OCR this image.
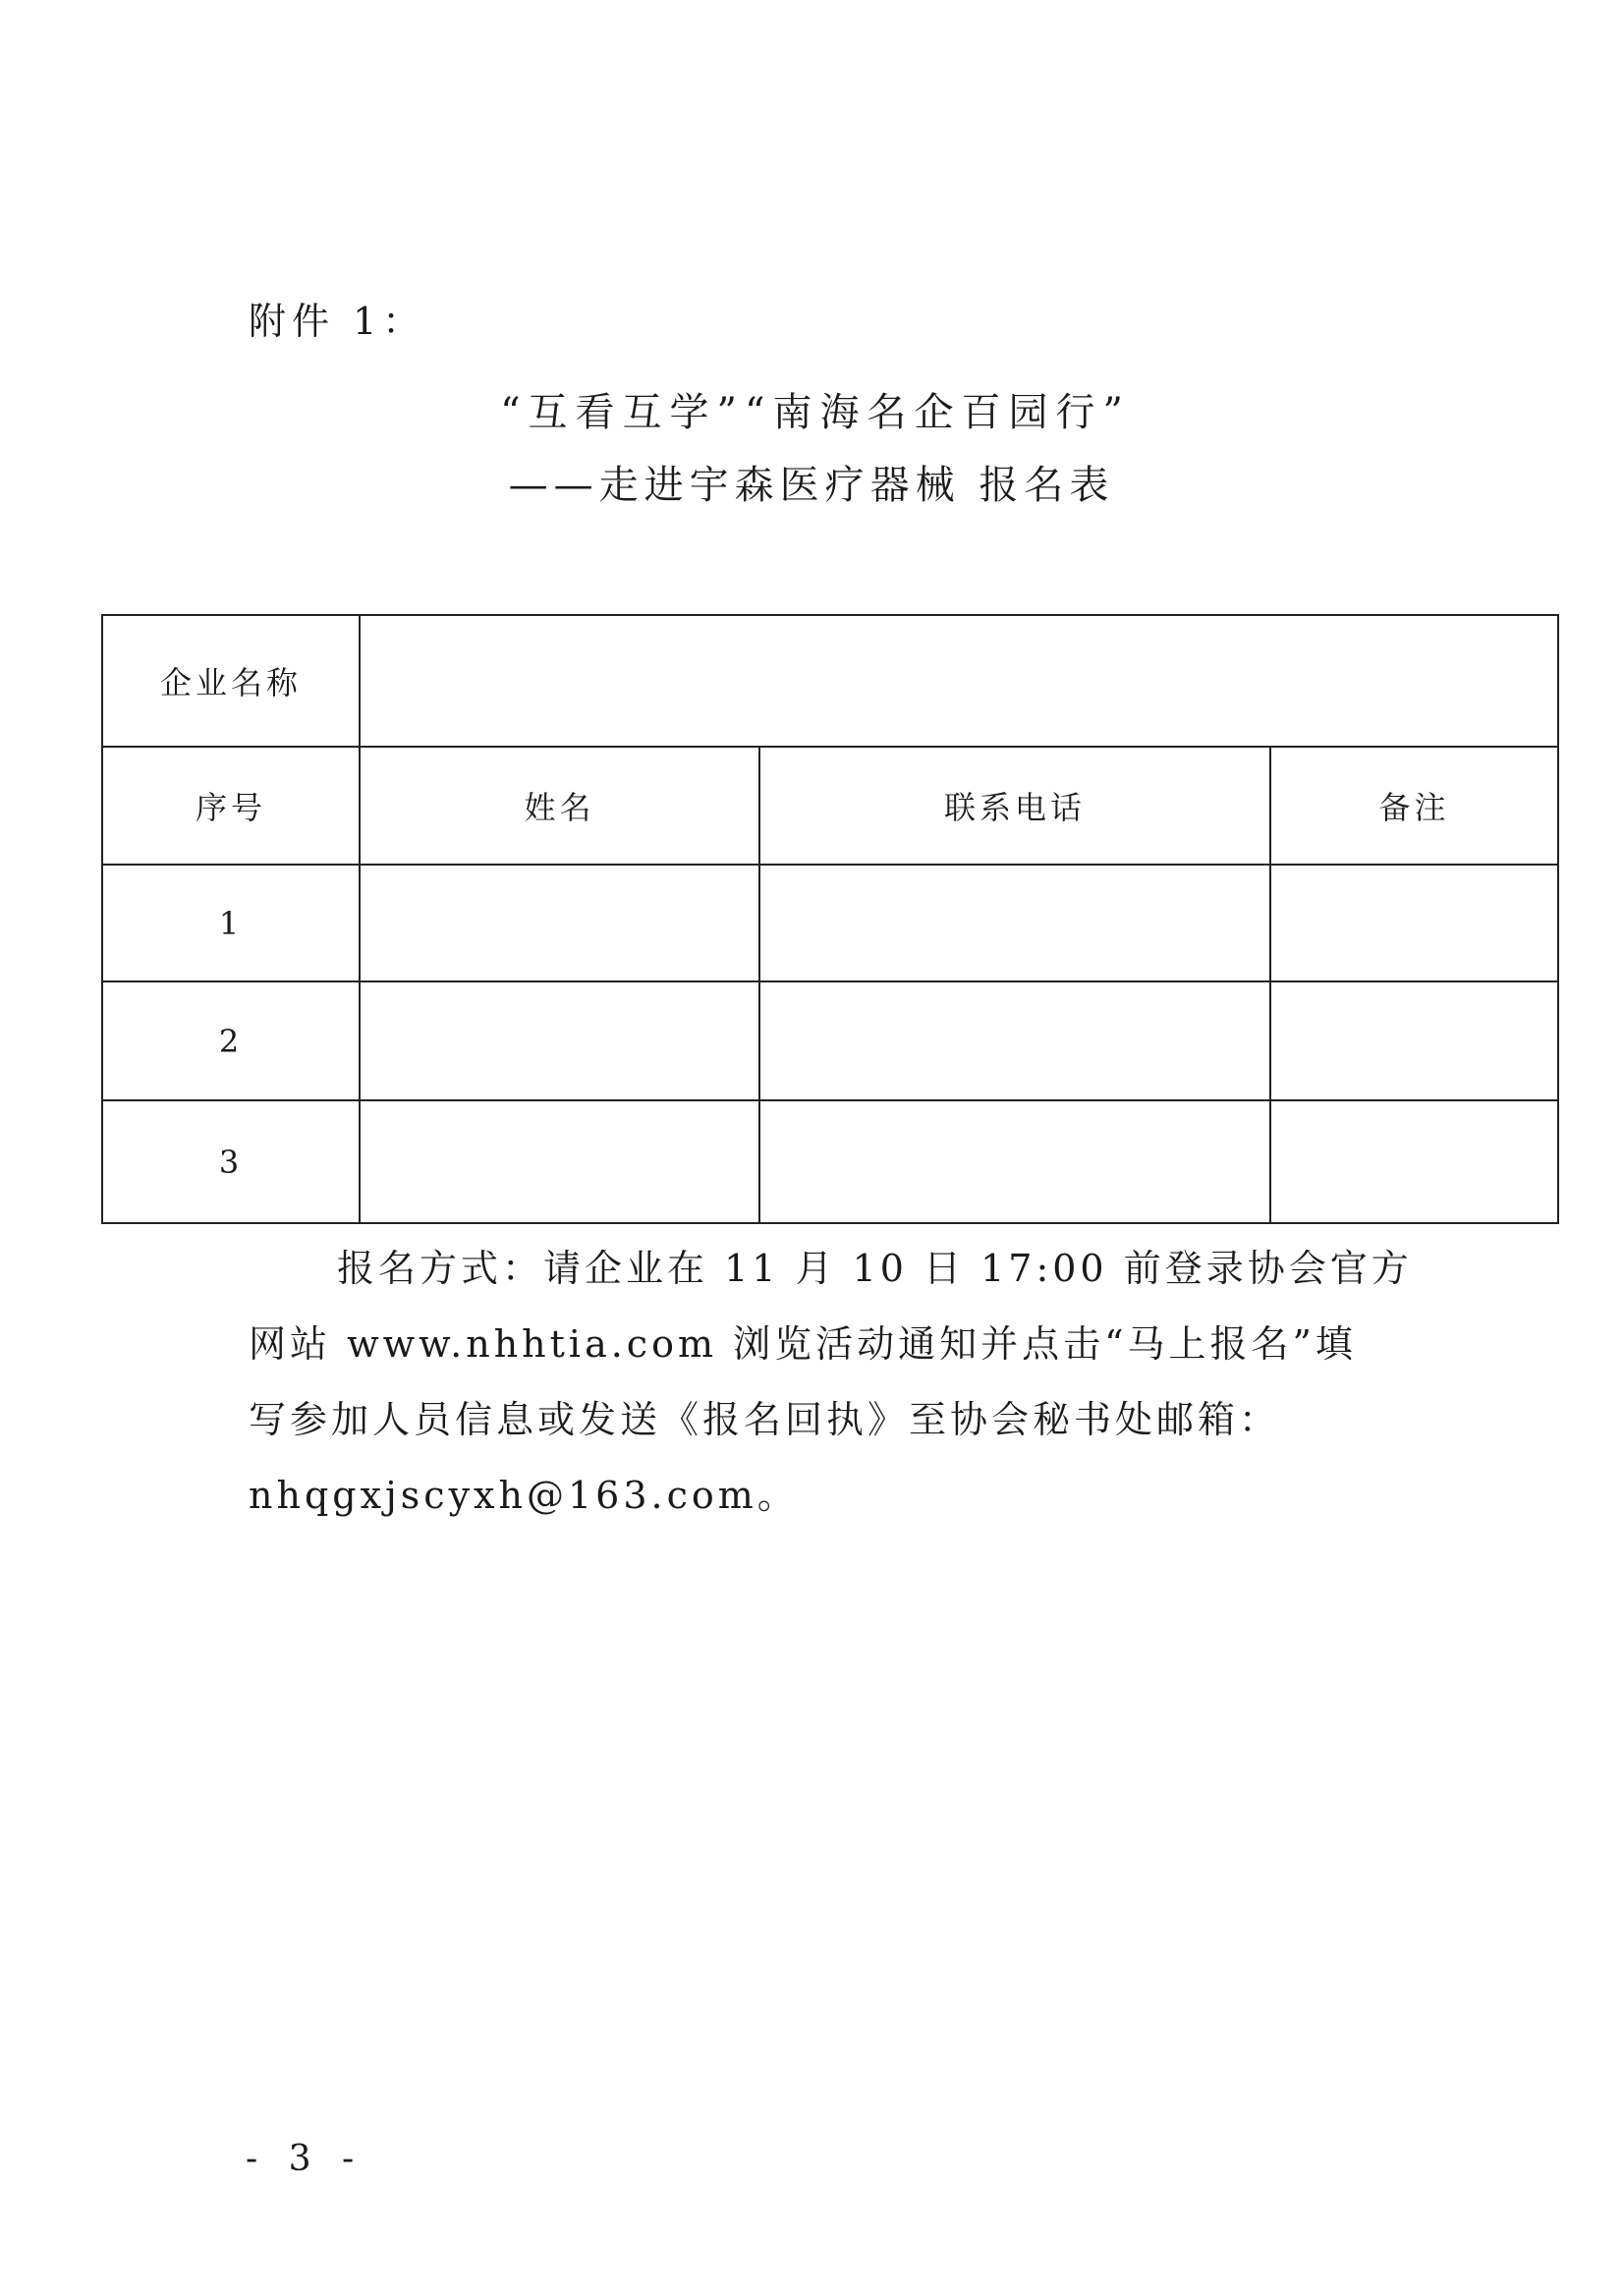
附件 1：
“互看互学”“南海名企百园行”
——走进宇森医疗器械 报名表
企业名称			
序号	姓名	联系电话	备注
1			
2			
3			
报名方式：请企业在 11 月 10 日 17:00 前登录协会官方
网站 www.nhhtia.com 浏览活动通知并点击“马上报名”填
写参加人员信息或发送《报名回执》至协会秘书处邮箱：
nhqgxjscyxh@163.com。
- 3 -
